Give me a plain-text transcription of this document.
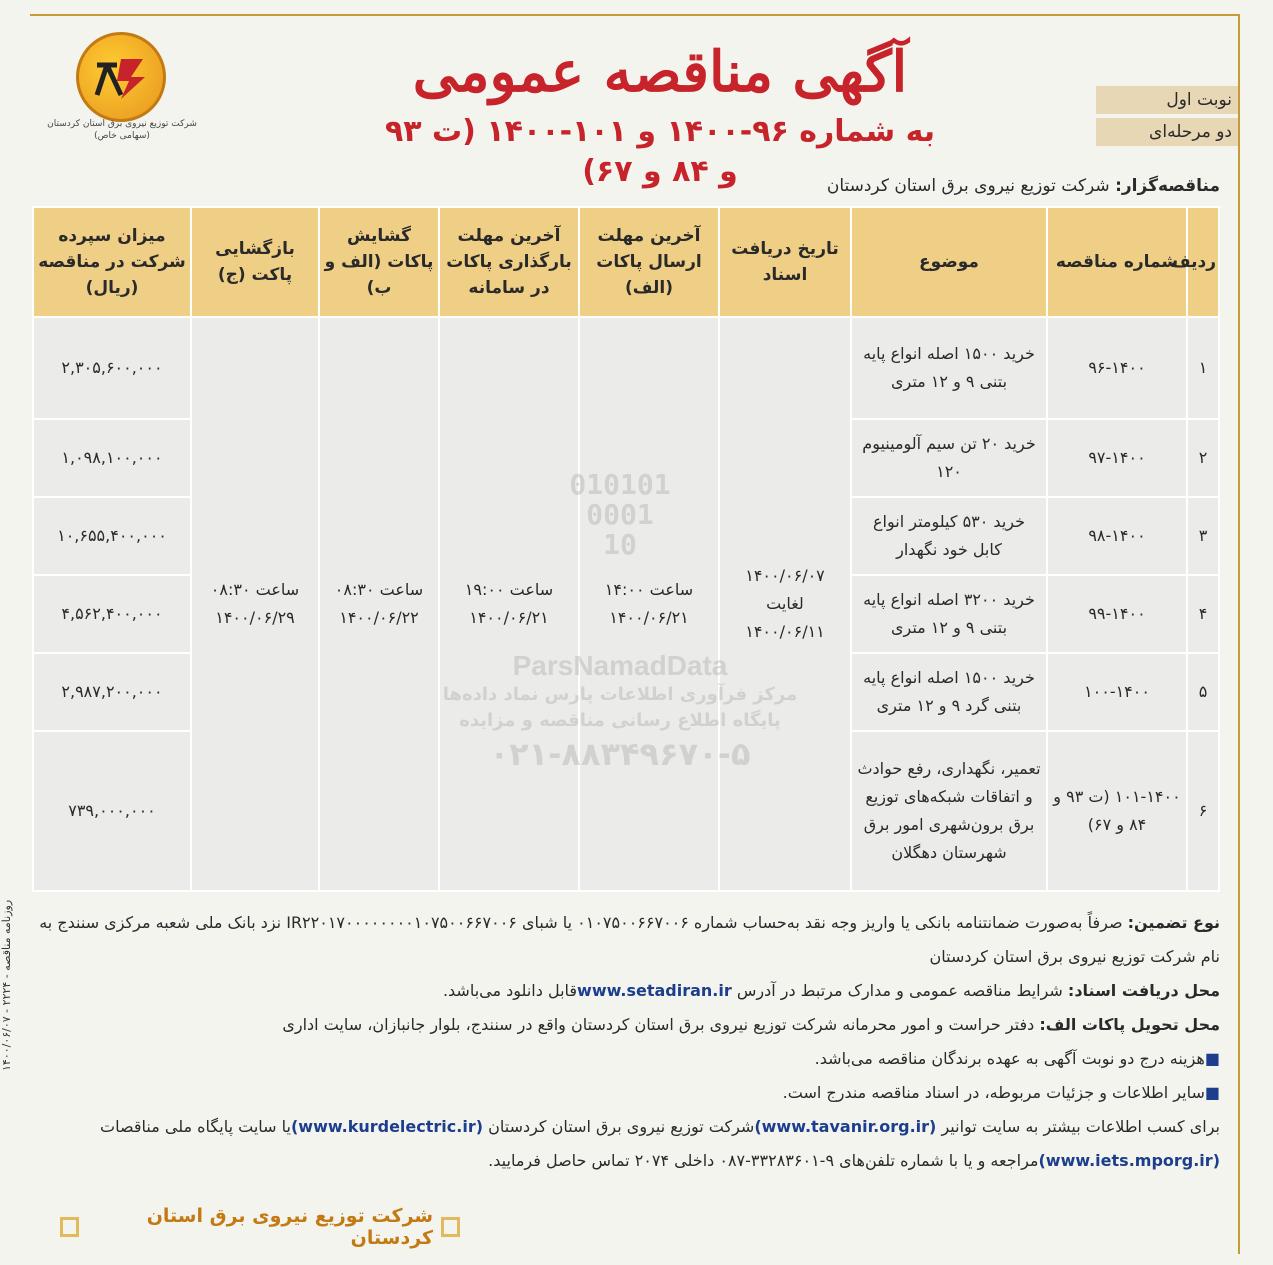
شرکت توزیع نیروی برق استان کردستان (سهامی خاص)
آگهی مناقصه عمومی
به شماره ۹۶-۱۴۰۰ و ۱۰۱-۱۴۰۰ (ت ۹۳ و ۸۴ و ۶۷)
نوبت اول
دو مرحله‌ای
مناقصه‌گزار: شرکت توزیع نیروی برق استان کردستان
ردیف	شماره مناقصه	موضوع	تاریخ دریافت اسناد	آخرین مهلت ارسال پاکات (الف)	آخرین مهلت بارگذاری پاکات در سامانه	گشایش پاکات (الف و ب)	بازگشایی پاکت (ج)	میزان سپرده شرکت در مناقصه (ریال)
۱	۹۶-۱۴۰۰	خرید ۱۵۰۰ اصله انواع پایه بتنی ۹ و ۱۲ متری	۱۴۰۰/۰۶/۰۷ لغایت ۱۴۰۰/۰۶/۱۱	ساعت ۱۴:۰۰ ۱۴۰۰/۰۶/۲۱	ساعت ۱۹:۰۰ ۱۴۰۰/۰۶/۲۱	ساعت ۰۸:۳۰ ۱۴۰۰/۰۶/۲۲	ساعت ۰۸:۳۰ ۱۴۰۰/۰۶/۲۹	۲,۳۰۵,۶۰۰,۰۰۰
۲	۹۷-۱۴۰۰	خرید ۲۰ تن سیم آلومینیوم ۱۲۰						۱,۰۹۸,۱۰۰,۰۰۰
۳	۹۸-۱۴۰۰	خرید ۵۳۰ کیلومتر انواع کابل خود نگهدار						۱۰,۶۵۵,۴۰۰,۰۰۰
۴	۹۹-۱۴۰۰	خرید ۳۲۰۰ اصله انواع پایه بتنی ۹ و ۱۲ متری						۴,۵۶۲,۴۰۰,۰۰۰
۵	۱۰۰-۱۴۰۰	خرید ۱۵۰۰ اصله انواع پایه بتنی گرد ۹ و ۱۲ متری						۲,۹۸۷,۲۰۰,۰۰۰
۶	۱۰۱-۱۴۰۰ (ت ۹۳ و ۸۴ و ۶۷)	تعمیر، نگهداری، رفع حوادث و اتفاقات شبکه‌های توزیع برق برون‌شهری امور برق شهرستان دهگلان						۷۳۹,۰۰۰,۰۰۰
010101
0001
10
ParsNamadData
مرکز فرآوری اطلاعات پارس نماد داده‌ها
پایگاه اطلاع رسانی مناقصه و مزایده
۰۲۱-۸۸۳۴۹۶۷۰-۵

نوع تضمین: صرفاً به‌صورت ضمانتنامه بانکی یا واریز وجه نقد به‌حساب شماره ۰۱۰۷۵۰۰۶۶۷۰۰۶ یا شبای IR۲۲۰۱۷۰۰۰۰۰۰۰۰۱۰۷۵۰۰۶۶۷۰۰۶ نزد بانک ملی شعبه مرکزی سنندج به نام شرکت توزیع نیروی برق استان کردستان

محل دریافت اسناد: شرایط مناقصه عمومی و مدارک مرتبط در آدرس www.setadiran.irقابل دانلود می‌باشد.

محل تحویل پاکات الف: دفتر حراست و امور محرمانه شرکت توزیع نیروی برق استان کردستان واقع در سنندج، بلوار جانبازان، سایت اداری

■هزینه درج دو نوبت آگهی به عهده برندگان مناقصه می‌باشد.

■سایر اطلاعات و جزئیات مربوطه، در اسناد مناقصه مندرج است.

برای کسب اطلاعات بیشتر به سایت توانیر (www.tavanir.org.ir)شرکت توزیع نیروی برق استان کردستان (www.kurdelectric.ir)یا سایت پایگاه ملی مناقصات (www.iets.mporg.ir)مراجعه و یا با شماره تلفن‌های ۹-۳۳۲۸۳۶۰۱-۰۸۷ داخلی ۲۰۷۴ تماس حاصل فرمایید.

روزنامه مناقصه - ۲۲۲۴ - ۱۴۰۰/۰۶/۰۷
شرکت توزیع نیروی برق استان کردستان
